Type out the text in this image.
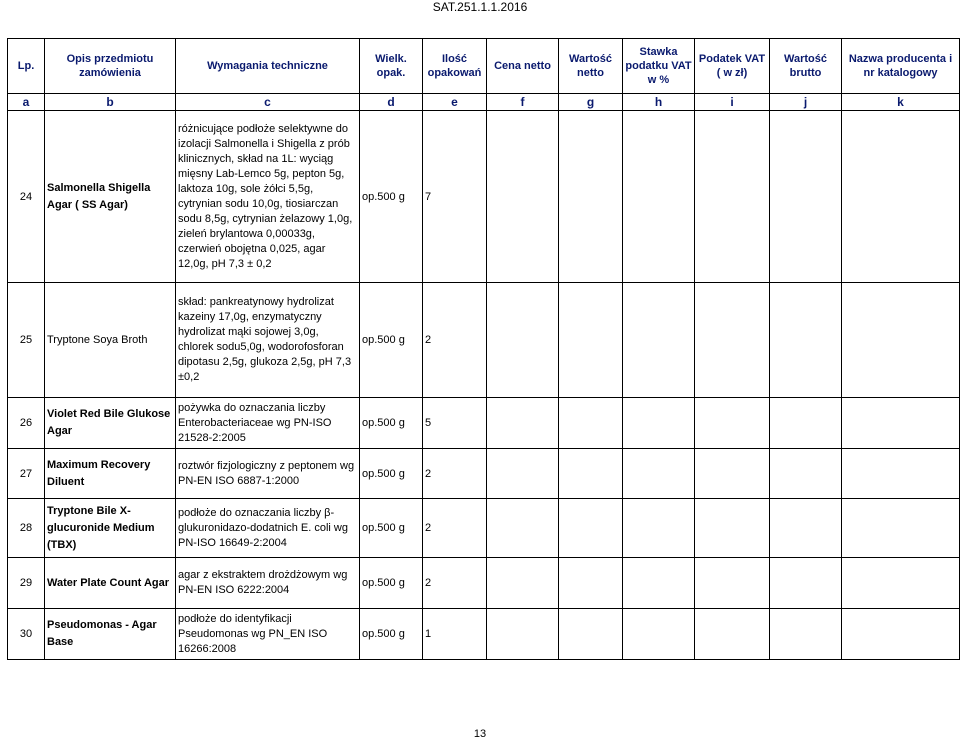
SAT.251.1.1.2016
Lp.	Opis przedmiotu zamówienia	Wymagania techniczne	Wielk. opak.	Ilość opakowań	Cena netto	Wartość netto	Stawka podatku VAT w %	Podatek VAT ( w zł)	Wartość brutto	Nazwa producenta i nr katalogowy
a	b	c	d	e	f	g	h	i	j	k
24	Salmonella Shigella Agar ( SS Agar)	różnicujące podłoże selektywne do izolacji Salmonella i Shigella z prób klinicznych, skład na 1L: wyciąg mięsny Lab-Lemco 5g, pepton 5g, laktoza 10g, sole żółci 5,5g, cytrynian sodu 10,0g, tiosiarczan sodu 8,5g, cytrynian żelazowy 1,0g, zieleń brylantowa 0,00033g, czerwień obojętna 0,025, agar 12,0g, pH 7,3 ± 0,2	op.500 g	7						
25	Tryptone Soya Broth	skład: pankreatynowy hydrolizat kazeiny 17,0g, enzymatyczny hydrolizat mąki sojowej 3,0g, chlorek sodu5,0g, wodorofosforan dipotasu 2,5g, glukoza 2,5g, pH 7,3 ±0,2	op.500 g	2						
26	Violet Red Bile Glukose Agar	pożywka do oznaczania liczby Enterobacteriaceae wg PN-ISO 21528-2:2005	op.500 g	5						
27	Maximum Recovery Diluent	roztwór fizjologiczny z peptonem wg PN-EN ISO 6887-1:2000	op.500 g	2						
28	Tryptone Bile X- glucuronide Medium (TBX)	podłoże do oznaczania liczby β-glukuronidazo-dodatnich E. coli wg PN-ISO 16649-2:2004	op.500 g	2						
29	Water Plate Count Agar	agar z ekstraktem drożdżowym wg PN-EN ISO 6222:2004	op.500 g	2						
30	Pseudomonas - Agar Base	podłoże do identyfikacji Pseudomonas wg PN_EN ISO 16266:2008	op.500 g	1						
13
